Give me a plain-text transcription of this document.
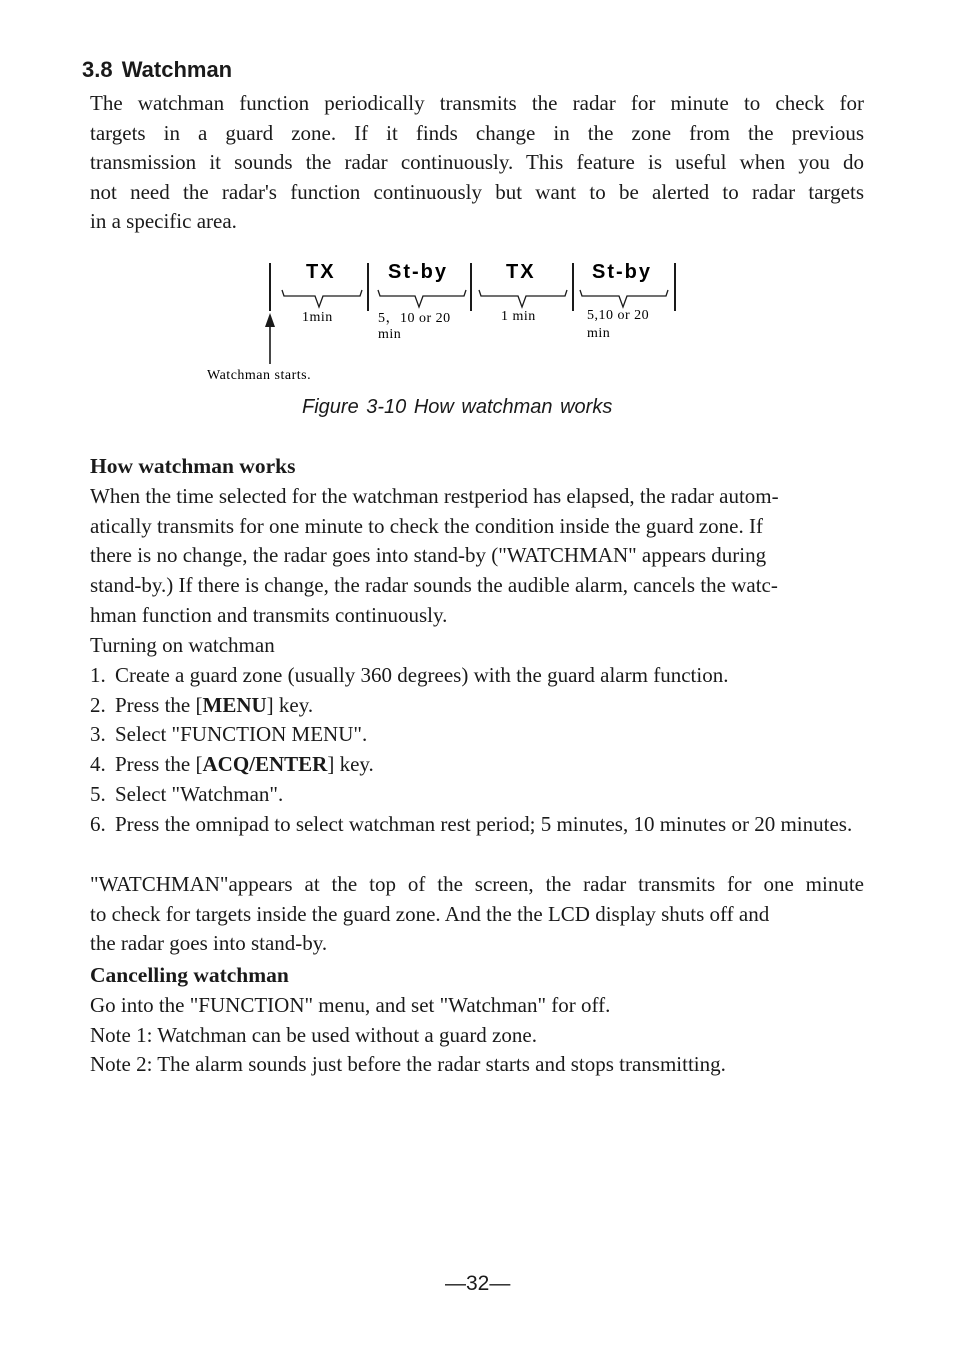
3.8 Watchman

The watchman function periodically transmits the radar for minute to check for
targets in a guard zone. If it finds change in the zone from the previous
transmission it sounds the radar continuously. This feature is useful when you do
not need the radar's function continuously but want to be alerted to radar targets
in a specific area.

TX	St-by	TX	St-by
1min	5，10 or 20
min
1 min	5,10 or 20
min
Watchman starts.

Figure 3-10 How watchman works

How watchman works

When the time selected for the watchman restperiod has elapsed, the radar autom-
atically transmits for one minute to check the condition inside the guard zone. If
there is no change, the radar goes into stand-by ("WATCHMAN" appears during
stand-by.) If there is change, the radar sounds the audible alarm, cancels the watc-
hman function and transmits continuously.
Turning on watchman

1. Create a guard zone (usually 360 degrees) with the guard alarm function.
2. Press the [MENU] key.
3. Select "FUNCTION MENU".
4. Press the [ACQ/ENTER] key.
5. Select "Watchman".
6. Press the omnipad to select watchman rest period; 5 minutes, 10 minutes or 20 minutes.

"WATCHMAN"appears at the top of the screen, the radar transmits for one minute
to check for targets inside the guard zone. And the the LCD display shuts off and
the radar goes into stand-by.

Cancelling watchman

Go into the "FUNCTION" menu, and set "Watchman" for off.
Note 1: Watchman can be used without a guard zone.
Note 2: The alarm sounds just before the radar starts and stops transmitting.

—32—
